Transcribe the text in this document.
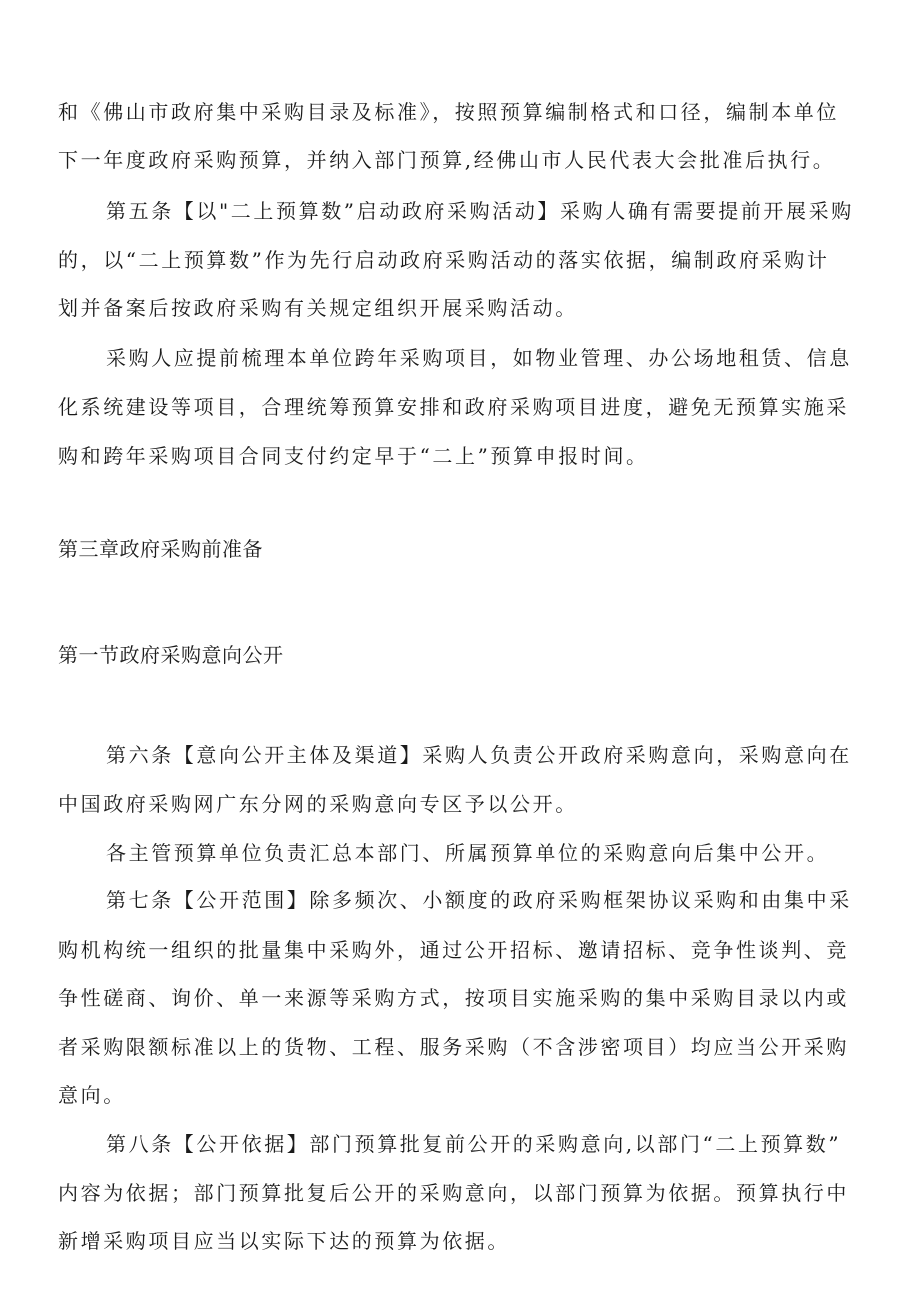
和《佛山市政府集中采购目录及标准》，按照预算编制格式和口径，编制本单位
下一年度政府采购预算，并纳入部门预算,经佛山市人民代表大会批准后执行。
第五条【以"二上预算数”启动政府采购活动】采购人确有需要提前开展采购
的，以“二上预算数”作为先行启动政府采购活动的落实依据，编制政府采购计
划并备案后按政府采购有关规定组织开展采购活动。
采购人应提前梳理本单位跨年采购项目，如物业管理、办公场地租赁、信息
化系统建设等项目，合理统筹预算安排和政府采购项目进度，避免无预算实施采
购和跨年采购项目合同支付约定早于“二上”预算申报时间。
第三章政府采购前准备
第一节政府采购意向公开
第六条【意向公开主体及渠道】采购人负责公开政府采购意向，采购意向在
中国政府采购网广东分网的采购意向专区予以公开。
各主管预算单位负责汇总本部门、所属预算单位的采购意向后集中公开。
第七条【公开范围】除多频次、小额度的政府采购框架协议采购和由集中采
购机构统一组织的批量集中采购外，通过公开招标、邀请招标、竞争性谈判、竞
争性磋商、询价、单一来源等采购方式，按项目实施采购的集中采购目录以内或
者采购限额标准以上的货物、工程、服务采购（不含涉密项目）均应当公开采购
意向。
第八条【公开依据】部门预算批复前公开的采购意向,以部门“二上预算数”
内容为依据；部门预算批复后公开的采购意向，以部门预算为依据。预算执行中
新增采购项目应当以实际下达的预算为依据。
